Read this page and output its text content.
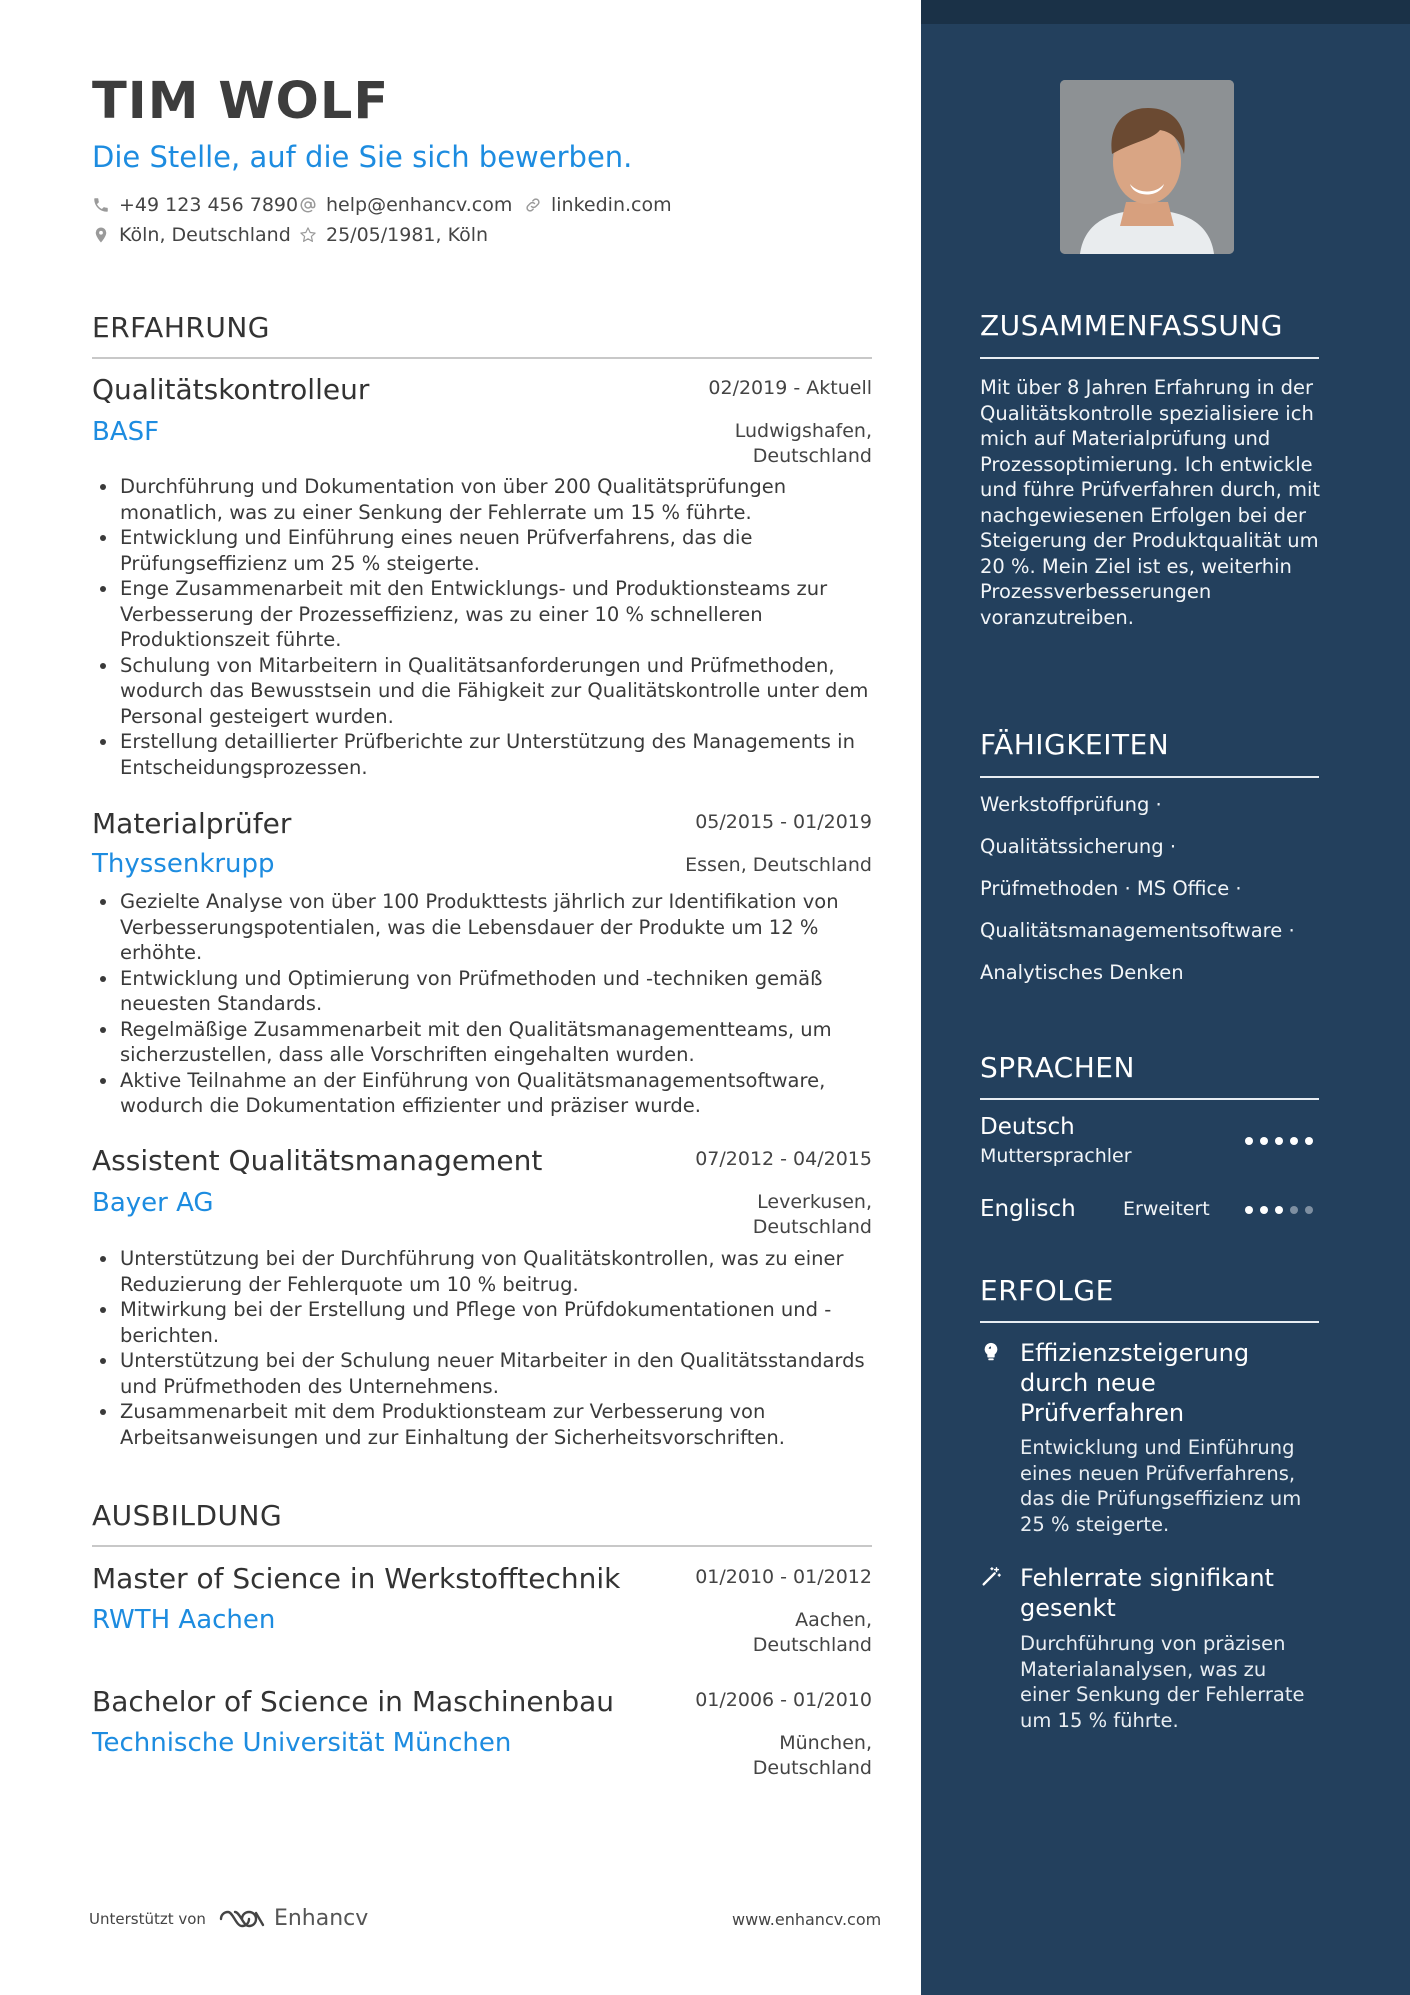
TIM WOLF
Die Stelle, auf die Sie sich bewerben.
+49 123 456 7890 help@enhancv.com linkedin.com
Köln, Deutschland 25/05/1981, Köln
ERFAHRUNG
Qualitätskontrolleur	02/2019 - Aktuell
BASF	Ludwigshafen,
Deutschland
Durchführung und Dokumentation von über 200 Qualitätsprüfungen monatlich, was zu einer Senkung der Fehlerrate um 15 % führte.
Entwicklung und Einführung eines neuen Prüfverfahrens, das die Prüfungseffizienz um 25 % steigerte.
Enge Zusammenarbeit mit den Entwicklungs- und Produktionsteams zur Verbesserung der Prozesseffizienz, was zu einer 10 % schnelleren Produktionszeit führte.
Schulung von Mitarbeitern in Qualitätsanforderungen und Prüfmethoden, wodurch das Bewusstsein und die Fähigkeit zur Qualitätskontrolle unter dem Personal gesteigert wurden.
Erstellung detaillierter Prüfberichte zur Unterstützung des Managements in Entscheidungsprozessen.
Materialprüfer	05/2015 - 01/2019
Thyssenkrupp	Essen, Deutschland
Gezielte Analyse von über 100 Produkttests jährlich zur Identifikation von Verbesserungspotentialen, was die Lebensdauer der Produkte um 12 % erhöhte.
Entwicklung und Optimierung von Prüfmethoden und -techniken gemäß neuesten Standards.
Regelmäßige Zusammenarbeit mit den Qualitätsmanagementteams, um sicherzustellen, dass alle Vorschriften eingehalten wurden.
Aktive Teilnahme an der Einführung von Qualitätsmanagementsoftware, wodurch die Dokumentation effizienter und präziser wurde.
Assistent Qualitätsmanagement	07/2012 - 04/2015
Bayer AG	Leverkusen,
Deutschland
Unterstützung bei der Durchführung von Qualitätskontrollen, was zu einer Reduzierung der Fehlerquote um 10 % beitrug.
Mitwirkung bei der Erstellung und Pflege von Prüfdokumentationen und -berichten.
Unterstützung bei der Schulung neuer Mitarbeiter in den Qualitätsstandards und Prüfmethoden des Unternehmens.
Zusammenarbeit mit dem Produktionsteam zur Verbesserung von Arbeitsanweisungen und zur Einhaltung der Sicherheitsvorschriften.
AUSBILDUNG
Master of Science in Werkstofftechnik	01/2010 - 01/2012
RWTH Aachen	Aachen,
Deutschland
Bachelor of Science in Maschinenbau	01/2006 - 01/2010
Technische Universität München	München,
Deutschland
Unterstützt von	Enhancv	www.enhancv.com
ZUSAMMENFASSUNG
Mit über 8 Jahren Erfahrung in der Qualitätskontrolle spezialisiere ich mich auf Materialprüfung und Prozessoptimierung. Ich entwickle und führe Prüfverfahren durch, mit nachgewiesenen Erfolgen bei der Steigerung der Produktqualität um 20 %. Mein Ziel ist es, weiterhin Prozessverbesserungen voranzutreiben.
FÄHIGKEITEN
Werkstoffprüfung ·
Qualitätssicherung ·
Prüfmethoden · MS Office ·
Qualitätsmanagementsoftware ·
Analytisches Denken
SPRACHEN
Deutsch
Muttersprachler
Englisch Erweitert
ERFOLGE
Effizienzsteigerung durch neue Prüfverfahren
Entwicklung und Einführung eines neuen Prüfverfahrens, das die Prüfungseffizienz um 25 % steigerte.
Fehlerrate signifikant gesenkt
Durchführung von präzisen Materialanalysen, was zu einer Senkung der Fehlerrate um 15 % führte.
